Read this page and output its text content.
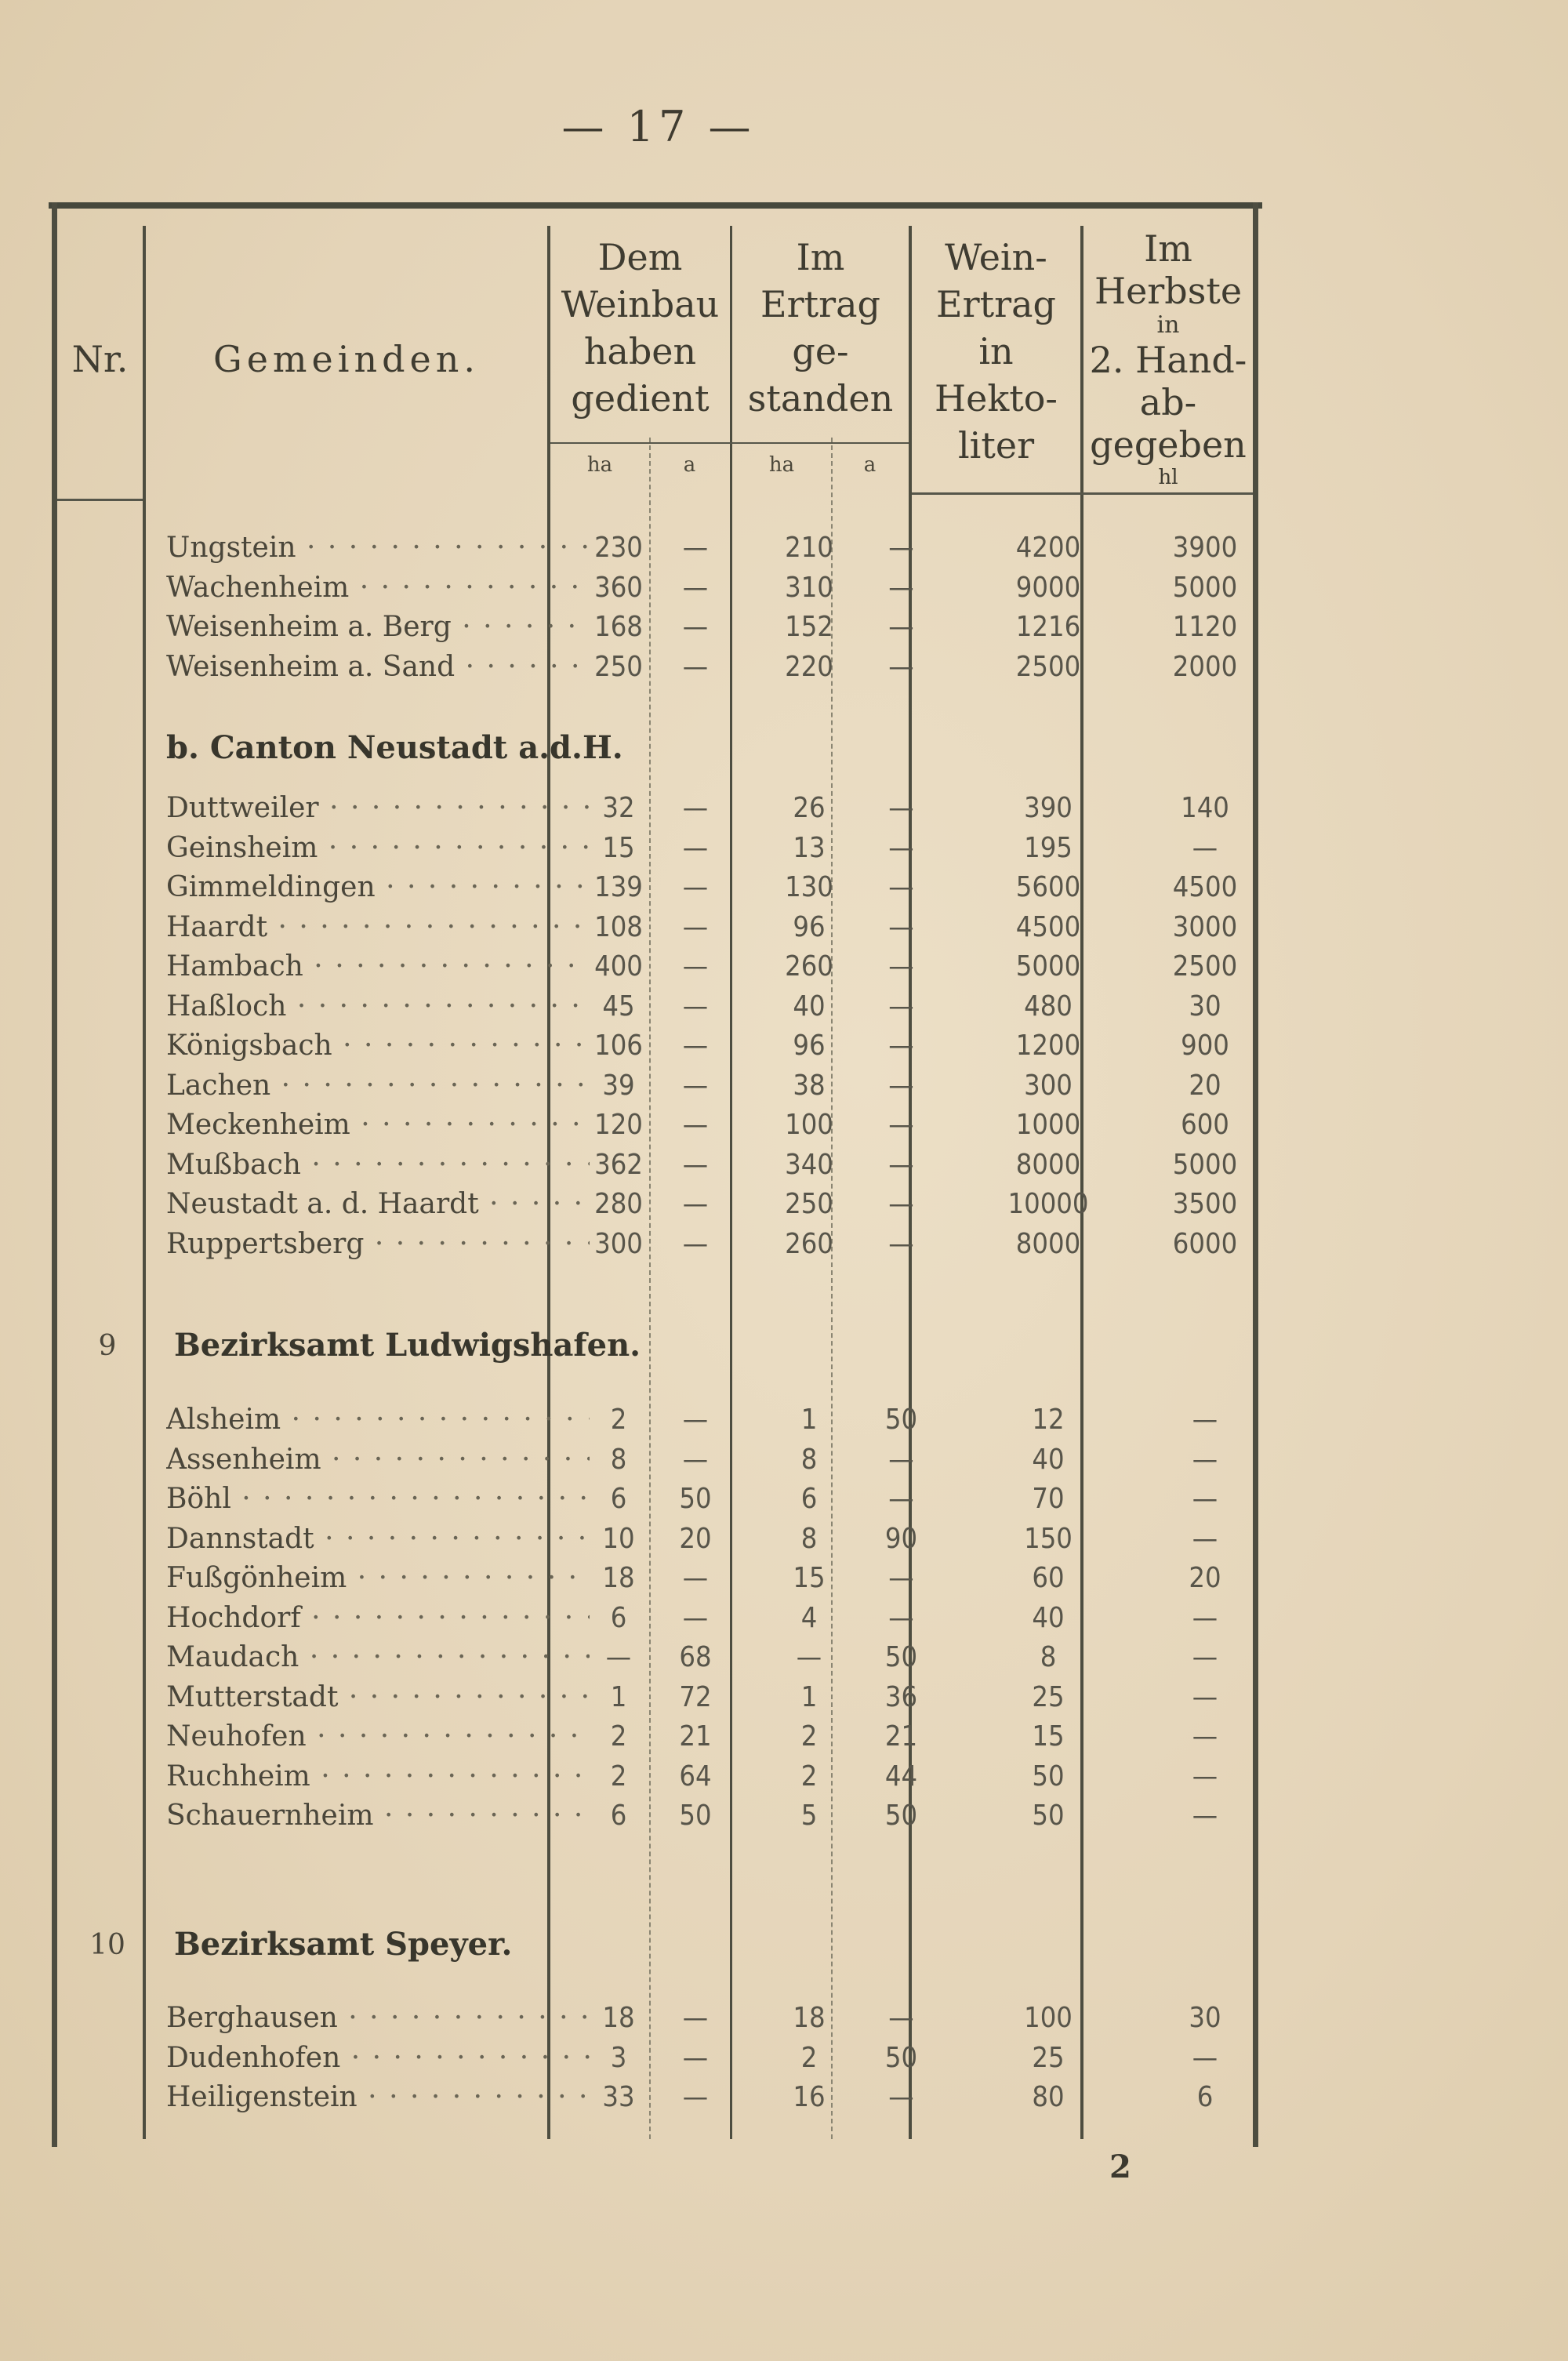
— 17 —
Nr.	Gemeinden.
Dem
Weinbau
haben
gedient
Im
Ertrag
ge-
standen
Wein-
Ertrag
in
Hekto-
liter
Im
Herbste
in
2. Hand-
ab-
gegeben
hl
ha	a	ha	a
Ungstein · · ·	230	—	210	—	4200	3900
Wachenheim · · ·	360	—	310	—	9000	5000
Weisenheim a. Berg · · ·	168	—	152	—	1216	1120
Weisenheim a. Sand · · ·	250	—	220	—	2500	2000
b. Canton Neustadt a.d.H.
Duttweiler · · ·	32	—	26	—	390	140
Geinsheim · · ·	15	—	13	—	195	—
Gimmeldingen · · ·	139	—	130	—	5600	4500
Haardt · · ·	108	—	96	—	4500	3000
Hambach · · ·	400	—	260	—	5000	2500
Haßloch · · ·	45	—	40	—	480	30
Königsbach · · ·	106	—	96	—	1200	900
Lachen · · ·	39	—	38	—	300	20
Meckenheim · · ·	120	—	100	—	1000	600
Mußbach · · ·	362	—	340	—	8000	5000
Neustadt a. d. Haardt · · ·	280	—	250	—	10000	3500
Ruppertsberg · · ·	300	—	260	—	8000	6000
Bezirksamt Ludwigshafen.
9
Alsheim · · ·	2	—	1	50	12	—
Assenheim · · ·	8	—	8	—	40	—
Böhl · · ·	6	50	6	—	70	—
Dannstadt · · ·	10	20	8	90	150	—
Fußgönheim · · ·	18	—	15	—	60	20
Hochdorf · · ·	6	—	4	—	40	—
Maudach · · ·	—	68	—	50	8	—
Mutterstadt · · ·	1	72	1	36	25	—
Neuhofen · · ·	2	21	2	21	15	—
Ruchheim · · ·	2	64	2	44	50	—
Schauernheim · · ·	6	50	5	50	50	—
Bezirksamt Speyer.
10
Berghausen · · ·	18	—	18	—	100	30
Dudenhofen · · ·	3	—	2	50	25	—
Heiligenstein · · ·	33	—	16	—	80	6
2
